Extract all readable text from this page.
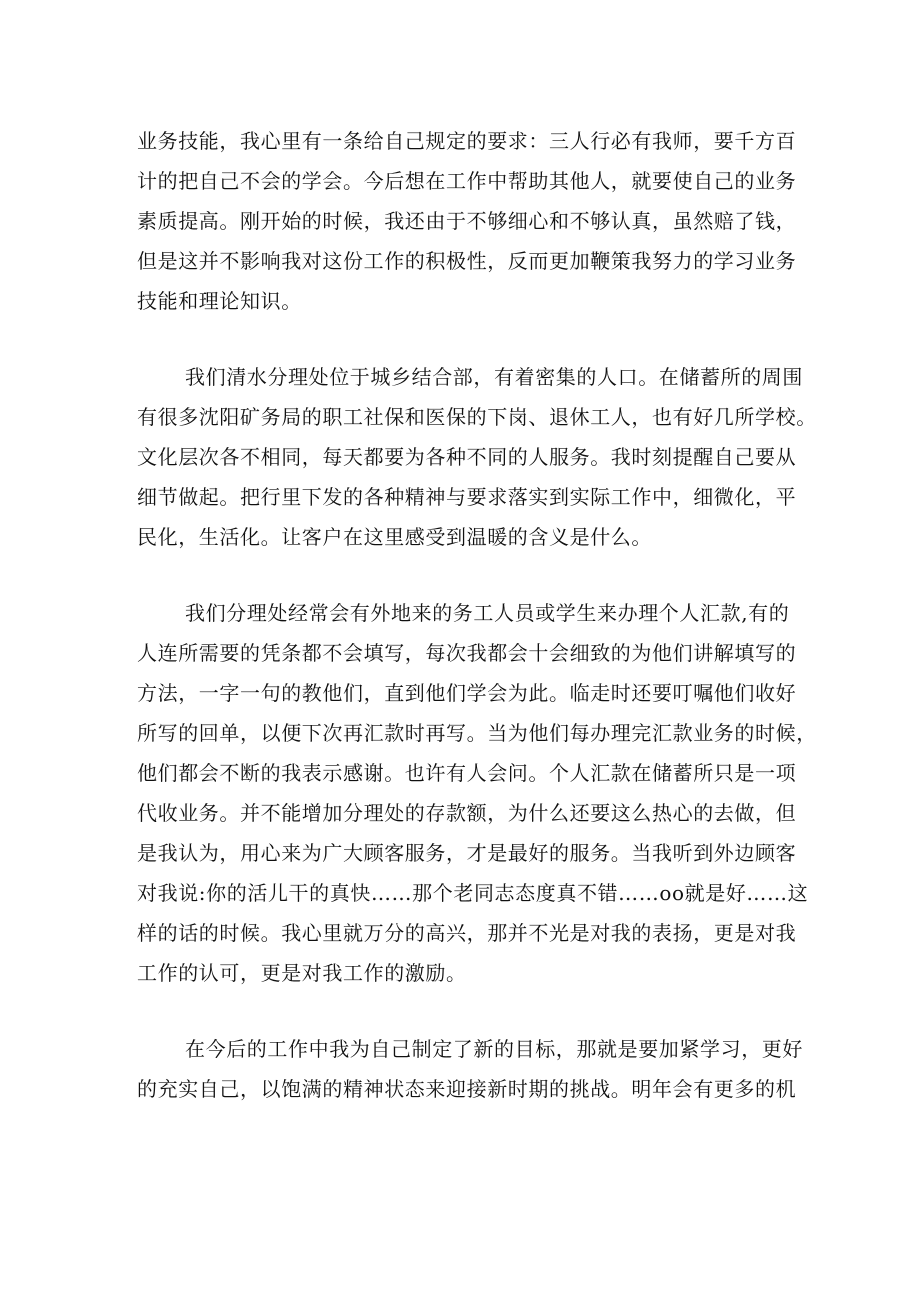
业务技能，我心里有一条给自己规定的要求：三人行必有我师，要千方百
计的把自己不会的学会。今后想在工作中帮助其他人，就要使自己的业务
素质提高。刚开始的时候，我还由于不够细心和不够认真，虽然赔了钱，
但是这并不影响我对这份工作的积极性，反而更加鞭策我努力的学习业务
技能和理论知识。
我们清水分理处位于城乡结合部，有着密集的人口。在储蓄所的周围
有很多沈阳矿务局的职工社保和医保的下岗、退休工人，也有好几所学校。
文化层次各不相同，每天都要为各种不同的人服务。我时刻提醒自己要从
细节做起。把行里下发的各种精神与要求落实到实际工作中，细微化，平
民化，生活化。让客户在这里感受到温暖的含义是什么。
我们分理处经常会有外地来的务工人员或学生来办理个人汇款,有的
人连所需要的凭条都不会填写，每次我都会十会细致的为他们讲解填写的
方法，一字一句的教他们，直到他们学会为此。临走时还要叮嘱他们收好
所写的回单，以便下次再汇款时再写。当为他们每办理完汇款业务的时候，
他们都会不断的我表示感谢。也许有人会问。个人汇款在储蓄所只是一项
代收业务。并不能增加分理处的存款额，为什么还要这么热心的去做，但
是我认为，用心来为广大顾客服务，才是最好的服务。当我听到外边顾客
对我说:你的活儿干的真快……那个老同志态度真不错……oo就是好……这
样的话的时候。我心里就万分的高兴，那并不光是对我的表扬，更是对我
工作的认可，更是对我工作的激励。
在今后的工作中我为自己制定了新的目标，那就是要加紧学习，更好
的充实自己，以饱满的精神状态来迎接新时期的挑战。明年会有更多的机
